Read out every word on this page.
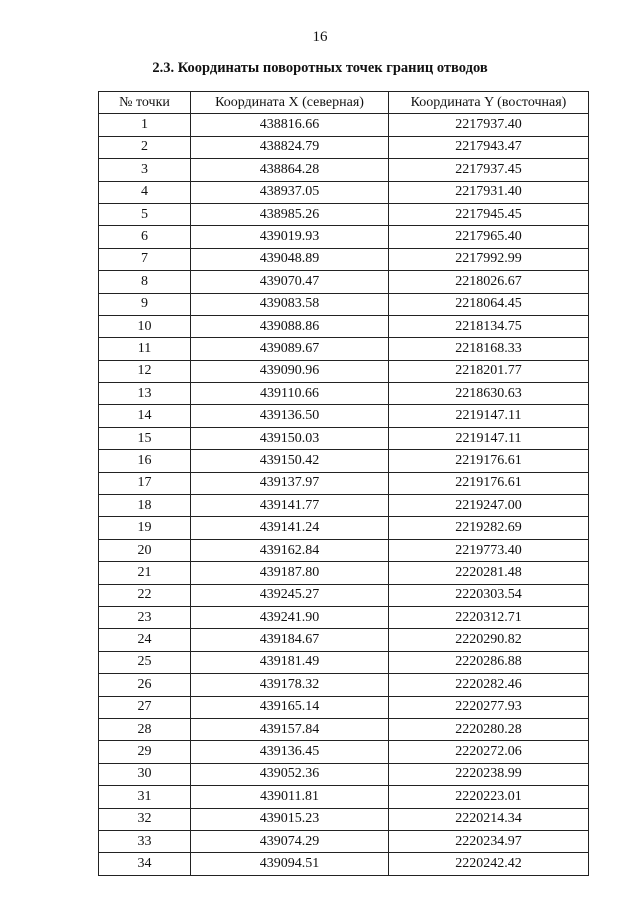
16
2.3. Координаты поворотных точек границ отводов
№ точки	Координата X (северная)	Координата Y (восточная)
1	438816.66	2217937.40
2	438824.79	2217943.47
3	438864.28	2217937.45
4	438937.05	2217931.40
5	438985.26	2217945.45
6	439019.93	2217965.40
7	439048.89	2217992.99
8	439070.47	2218026.67
9	439083.58	2218064.45
10	439088.86	2218134.75
11	439089.67	2218168.33
12	439090.96	2218201.77
13	439110.66	2218630.63
14	439136.50	2219147.11
15	439150.03	2219147.11
16	439150.42	2219176.61
17	439137.97	2219176.61
18	439141.77	2219247.00
19	439141.24	2219282.69
20	439162.84	2219773.40
21	439187.80	2220281.48
22	439245.27	2220303.54
23	439241.90	2220312.71
24	439184.67	2220290.82
25	439181.49	2220286.88
26	439178.32	2220282.46
27	439165.14	2220277.93
28	439157.84	2220280.28
29	439136.45	2220272.06
30	439052.36	2220238.99
31	439011.81	2220223.01
32	439015.23	2220214.34
33	439074.29	2220234.97
34	439094.51	2220242.42
